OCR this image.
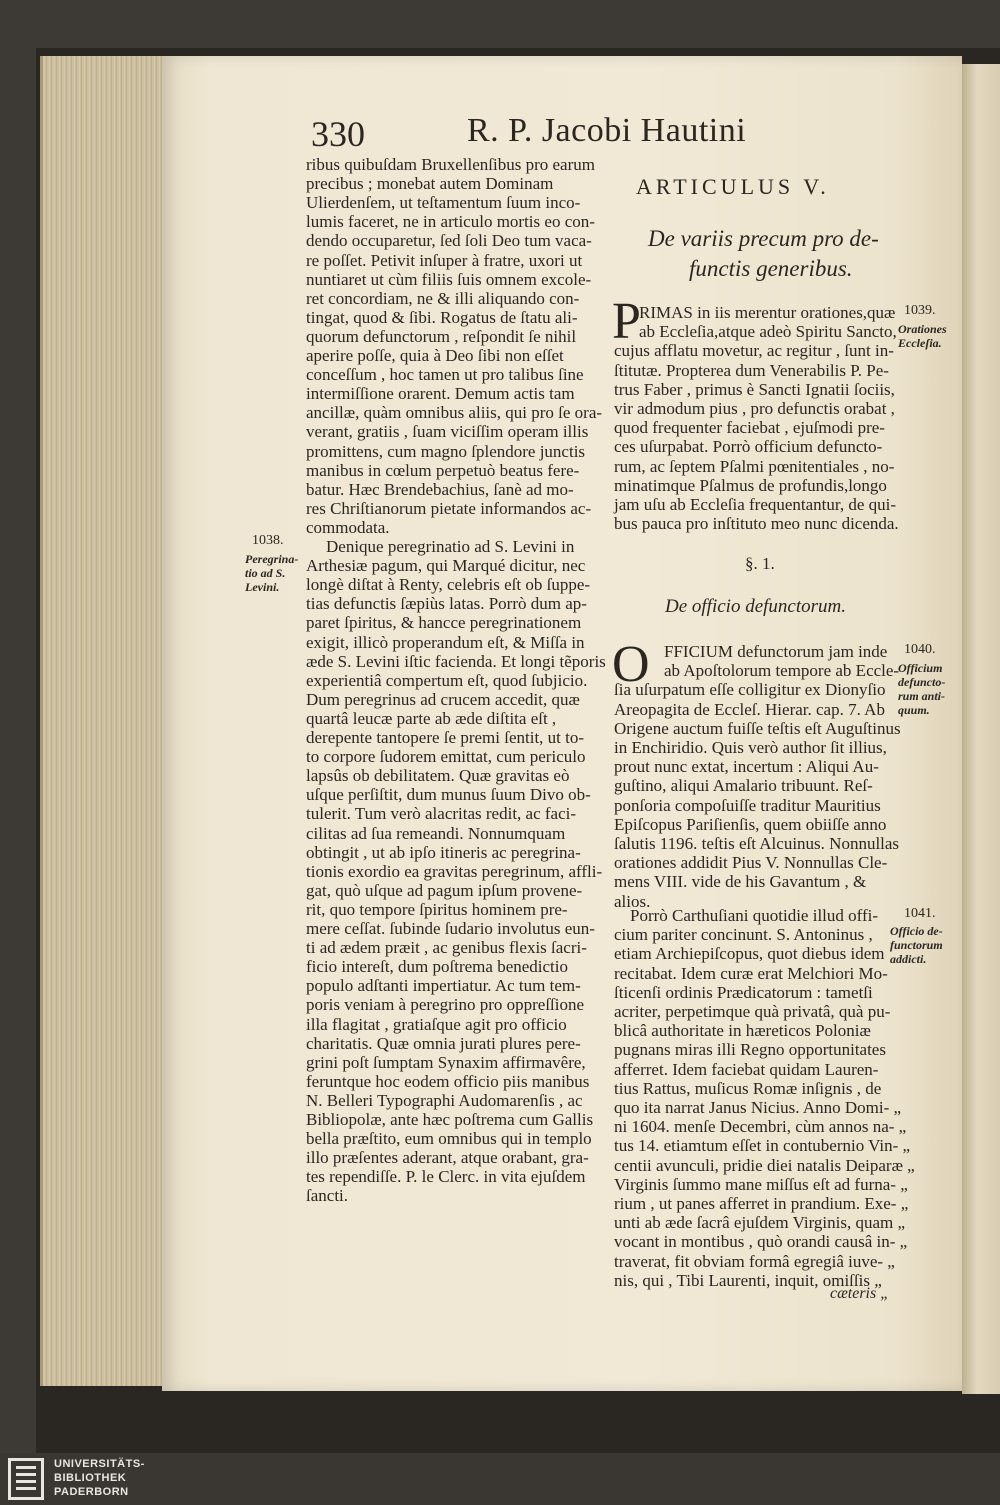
330	R. P. Jacobi Hautini
ribus quibuſdam Bruxellenſibus pro earum
precibus ; monebat autem Dominam
Ulierdenſem, ut teſtamentum ſuum inco-
lumis faceret, ne in articulo mortis eo con-
dendo occuparetur, ſed ſoli Deo tum vaca-
re poſſet. Petivit inſuper à fratre, uxori ut
nuntiaret ut cùm filiis ſuis omnem excole-
ret concordiam, ne & illi aliquando con-
tingat, quod & ſibi. Rogatus de ſtatu ali-
quorum defunctorum , reſpondit ſe nihil
aperire poſſe, quia à Deo ſibi non eſſet
conceſſum , hoc tamen ut pro talibus ſine
intermiſſione orarent. Demum actis tam
ancillæ, quàm omnibus aliis, qui pro ſe ora-
verant, gratiis , ſuam viciſſim operam illis
promittens, cum magno ſplendore junctis
manibus in cœlum perpetuò beatus fere-
batur. Hæc Brendebachius, ſanè ad mo-
res Chriſtianorum pietate informandos ac-
commodata.
Denique peregrinatio ad S. Levini in
Arthesiæ pagum, qui Marqué dicitur, nec
longè diſtat à Renty, celebris eſt ob ſuppe-
tias defunctis ſæpiùs latas. Porrò dum ap-
paret ſpiritus, & hancce peregrinationem
exigit, illicò properandum eſt, & Miſſa in
æde S. Levini iſtic facienda. Et longi tẽporis
experientiâ compertum eſt, quod ſubjicio.
Dum peregrinus ad crucem accedit, quæ
quartâ leucæ parte ab æde diſtita eſt ,
derepente tantopere ſe premi ſentit, ut to-
to corpore ſudorem emittat, cum periculo
lapsûs ob debilitatem. Quæ gravitas eò
uſque perſiſtit, dum munus ſuum Divo ob-
tulerit. Tum verò alacritas redit, ac faci-
cilitas ad ſua remeandi. Nonnumquam
obtingit , ut ab ipſo itineris ac peregrina-
tionis exordio ea gravitas peregrinum, affli-
gat, quò uſque ad pagum ipſum provene-
rit, quo tempore ſpiritus hominem pre-
mere ceſſat. ſubinde ſudario involutus eun-
ti ad ædem præit , ac genibus flexis ſacri-
ficio intereſt, dum poſtrema benedictio
populo adſtanti impertiatur. Ac tum tem-
poris veniam à peregrino pro oppreſſione
illa flagitat , gratiaſque agit pro officio
charitatis. Quæ omnia jurati plures pere-
grini poſt ſumptam Synaxim affirmavêre,
feruntque hoc eodem officio piis manibus
N. Belleri Typographi Audomarenſis , ac
Bibliopolæ, ante hæc poſtrema cum Gallis
bella præſtito, eum omnibus qui in templo
illo præſentes aderant, atque orabant, gra-
tes rependiſſe. P. le Clerc. in vita ejuſdem
ſancti.
1038.
Peregrina-
tio ad S.
Levini.
ARTICULUS V.
De variis precum pro de-
functis generibus.
P
RIMAS in iis merentur orationes,quæ
ab Eccleſia,atque adeò Spiritu Sancto,
cujus afflatu movetur, ac regitur , ſunt in-
ſtitutæ. Propterea dum Venerabilis P. Pe-
trus Faber , primus è Sancti Ignatii ſociis,
vir admodum pius , pro defunctis orabat ,
quod frequenter faciebat , ejuſmodi pre-
ces uſurpabat. Porrò officium defuncto-
rum, ac ſeptem Pſalmi pœnitentiales , no-
minatimque Pſalmus de profundis,longo
jam uſu ab Eccleſia frequentantur, de qui-
bus pauca pro inſtituto meo nunc dicenda.
1039.
Orationes
Eccleſia.
§. 1.
De officio defunctorum.
O FFICIUM defunctorum jam inde
ab Apoſtolorum tempore ab Eccle-
ſia uſurpatum eſſe colligitur ex Dionyſio
Areopagita de Eccleſ. Hierar. cap. 7. Ab
Origene auctum fuiſſe teſtis eſt Auguſtinus
in Enchiridio. Quis verò author ſit illius,
prout nunc extat, incertum : Aliqui Au-
guſtino, aliqui Amalario tribuunt. Reſ-
ponſoria compoſuiſſe traditur Mauritius
Epiſcopus Pariſienſis, quem obiiſſe anno
ſalutis 1196. teſtis eſt Alcuinus. Nonnullas
orationes addidit Pius V. Nonnullas Cle-
mens VIII. vide de his Gavantum , &
alios.
1040.
Officium
defuncto-
rum anti-
quum.
Porrò Carthuſiani quotidie illud offi-
cium pariter concinunt. S. Antoninus ,
etiam Archiepiſcopus, quot diebus idem
recitabat. Idem curæ erat Melchiori Mo-
ſticenſi ordinis Prædicatorum : tametſi
acriter, perpetimque quà privatâ, quà pu-
blicâ authoritate in hæreticos Poloniæ
pugnans miras illi Regno opportunitates
afferret. Idem faciebat quidam Lauren-
tius Rattus, muſicus Romæ inſignis , de
quo ita narrat Janus Nicius. Anno Domi- „
ni 1604. menſe Decembri, cùm annos na- „
tus 14. etiamtum eſſet in contubernio Vin- „
centii avunculi, pridie diei natalis Deiparæ „
Virginis ſummo mane miſſus eſt ad furna- „
rium , ut panes afferret in prandium. Exe- „
unti ab æde ſacrâ ejuſdem Virginis, quam „
vocant in montibus , quò orandi causâ in- „
traverat, fit obviam formâ egregiâ iuve- „
nis, qui , Tibi Laurenti, inquit, omiſſis „
1041.
Officio de-
functorum
addicti.
cæteris „
UNIVERSITÄTS-
BIBLIOTHEK
PADERBORN
